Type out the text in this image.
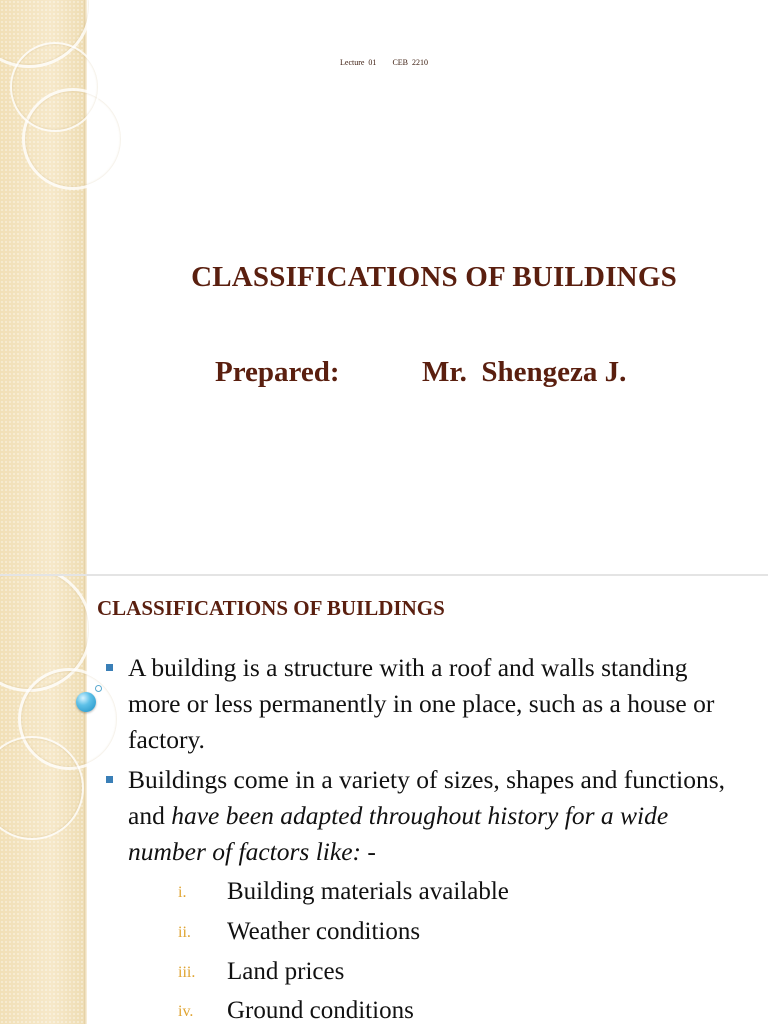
Lecture 01 CEB 2210
CLASSIFICATIONS OF BUILDINGS
Prepared:	Mr.  Shengeza J.
CLASSIFICATIONS OF BUILDINGS
A building is a structure with a roof and walls standing more or less permanently in one place, such as a house or factory.
Buildings come in a variety of sizes, shapes and functions, and have been adapted throughout history for a wide number of factors like: -
i. Building materials available
ii. Weather conditions
iii. Land prices
iv. Ground conditions
